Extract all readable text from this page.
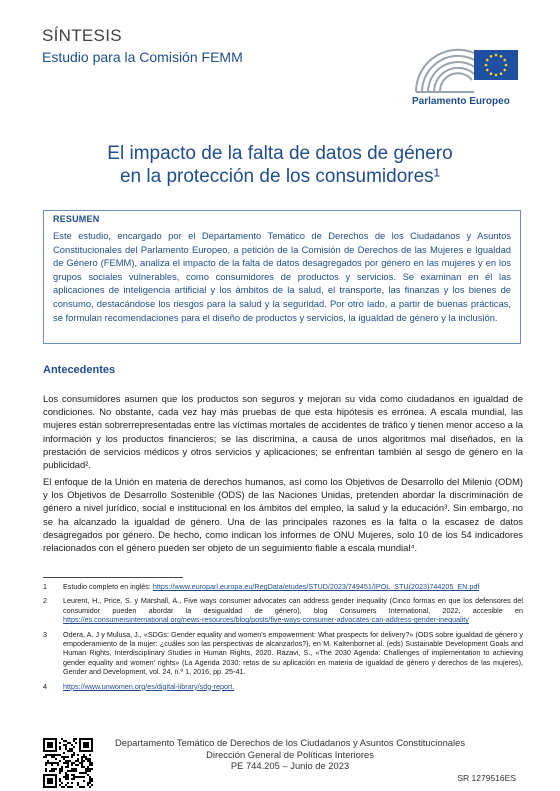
SÍNTESIS
Estudio para la Comisión FEMM
Parlamento Europeo
El impacto de la falta de datos de género
en la protección de los consumidores¹
RESUMEN
Este estudio, encargado por el Departamento Temático de Derechos de los Ciudadanos y Asuntos Constitucionales del Parlamento Europeo, a petición de la Comisión de Derechos de las Mujeres e Igualdad de Género (FEMM), analiza el impacto de la falta de datos desagregados por género en las mujeres y en los grupos sociales vulnerables, como consumidores de productos y servicios. Se examinan en él las aplicaciones de inteligencia artificial y los ámbitos de la salud, el transporte, las finanzas y los bienes de consumo, destacándose los riesgos para la salud y la seguridad. Por otro lado, a partir de buenas prácticas, se formulan recomendaciones para el diseño de productos y servicios, la igualdad de género y la inclusión.
Antecedentes

Los consumidores asumen que los productos son seguros y mejoran su vida como ciudadanos en igualdad de condiciones. No obstante, cada vez hay más pruebas de que esta hipótesis es errónea. A escala mundial, las mujeres están sobrerrepresentadas entre las víctimas mortales de accidentes de tráfico y tienen menor acceso a la información y los productos financieros; se las discrimina, a causa de unos algoritmos mal diseñados, en la prestación de servicios médicos y otros servicios y aplicaciones; se enfrentan también al sesgo de género en la publicidad².

El enfoque de la Unión en materia de derechos humanos, así como los Objetivos de Desarrollo del Milenio (ODM) y los Objetivos de Desarrollo Sostenible (ODS) de las Naciones Unidas, pretenden abordar la discriminación de género a nivel jurídico, social e institucional en los ámbitos del empleo, la salud y la educación³. Sin embargo, no se ha alcanzado la igualdad de género. Una de las principales razones es la falta o la escasez de datos desagregados por género. De hecho, como indican los informes de ONU Mujeres, solo 10 de los 54 indicadores relacionados con el género pueden ser objeto de un seguimiento fiable a escala mundial⁴.

1	Estudio completo en inglés: https://www.europarl.europa.eu/RegData/etudes/STUD/2023/749451/IPOL_STU(2023)744205_EN.pdf
2	Leurent, H., Price, S. y Marshall, A., Five ways consumer advocates can address gender inequality (Cinco formas en que los defensores del consumidor pueden abordar la desigualdad de género), blog Consumers International, 2022, accesible en https://es.consumersinternational.org/news-resources/blog/posts/five-ways-consumer-advocates-can-address-gender-inequality
3	Odera, A. J y Mulusa, J., «SDGs: Gender equality and women's empowerment: What prospects for delivery?» (ODS sobre igualdad de género y empoderamiento de la mujer: ¿cuáles son las perspectivas de alcanzarlos?), en M. Kaltenbornet al. (eds) Sustainable Development Goals and Human Rights, Interdisciplinary Studies in Human Rights, 2020. Razavi, S., «The 2030 Agenda: Challenges of implementation to achieving gender equality and women' rights» (La Agenda 2030: retos de su aplicación en materia de igualdad de género y derechos de las mujeres), Gender and Development, vol. 24, n.º 1, 2016, pp. 25-41.
4	https://www.unwomen.org/es/digital-library/sdg-report.
Departamento Temático de Derechos de los Ciudadanos y Asuntos Constitucionales
Dirección General de Políticas Interiores
PE 744.205 – Junio de 2023
SR 1279516ES
